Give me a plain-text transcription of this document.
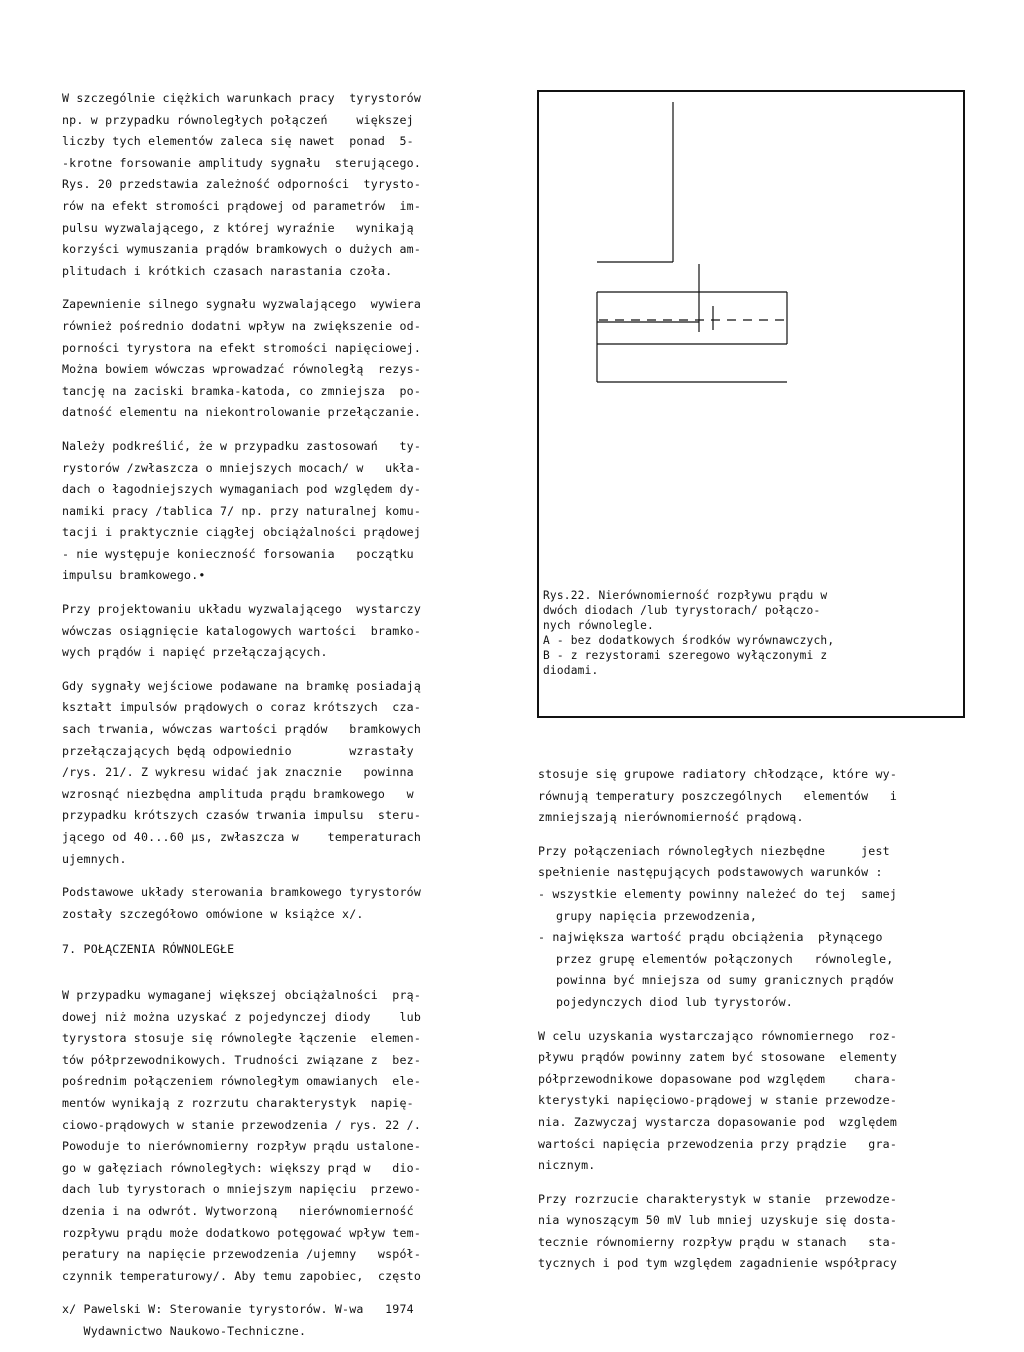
W szczególnie ciężkich warunkach pracy  tyrystorów
np. w przypadku równoległych połączeń    większej
liczby tych elementów zaleca się nawet  ponad  5-
-krotne forsowanie amplitudy sygnału  sterującego.
Rys. 20 przedstawia zależność odporności  tyrysto-
rów na efekt stromości prądowej od parametrów  im-
pulsu wyzwalającego, z której wyraźnie   wynikają
korzyści wymuszania prądów bramkowych o dużych am-
plitudach i krótkich czasach narastania czoła.
Zapewnienie silnego sygnału wyzwalającego  wywiera
również pośrednio dodatni wpływ na zwiększenie od-
porności tyrystora na efekt stromości napięciowej.
Można bowiem wówczas wprowadzać równoległą  rezys-
tancję na zaciski bramka-katoda, co zmniejsza  po-
datność elementu na niekontrolowanie przełączanie.
Należy podkreślić, że w przypadku zastosowań   ty-
rystorów /zwłaszcza o mniejszych mocach/ w   ukła-
dach o łagodniejszych wymaganiach pod względem dy-
namiki pracy /tablica 7/ np. przy naturalnej komu-
tacji i praktycznie ciągłej obciążalności prądowej
- nie występuje konieczność forsowania   początku
impulsu bramkowego.•
Przy projektowaniu układu wyzwalającego  wystarczy
wówczas osiągnięcie katalogowych wartości  bramko-
wych prądów i napięć przełączających.
Gdy sygnały wejściowe podawane na bramkę posiadają
kształt impulsów prądowych o coraz krótszych  cza-
sach trwania, wówczas wartości prądów   bramkowych
przełączających będą odpowiednio        wzrastały
/rys. 21/. Z wykresu widać jak znacznie   powinna
wzrosnąć niezbędna amplituda prądu bramkowego   w
przypadku krótszych czasów trwania impulsu  steru-
jącego od 40...60 μs, zwłaszcza w    temperaturach
ujemnych.
Podstawowe układy sterowania bramkowego tyrystorów
zostały szczegółowo omówione w książce x/.
7. POŁĄCZENIA RÓWNOLEGŁE
W przypadku wymaganej większej obciążalności  prą-
dowej niż można uzyskać z pojedynczej diody    lub
tyrystora stosuje się równoległe łączenie  elemen-
tów półprzewodnikowych. Trudności związane z  bez-
pośrednim połączeniem równoległym omawianych  ele-
mentów wynikają z rozrzutu charakterystyk  napię-
ciowo-prądowych w stanie przewodzenia / rys. 22 /.
Powoduje to nierównomierny rozpływ prądu ustalone-
go w gałęziach równoległych: większy prąd w   dio-
dach lub tyrystorach o mniejszym napięciu  przewo-
dzenia i na odwrót. Wytworzoną   nierównomierność
rozpływu prądu może dodatkowo potęgować wpływ tem-
peratury na napięcie przewodzenia /ujemny   współ-
czynnik temperaturowy/. Aby temu zapobiec,  często
x/ Pawelski W: Sterowanie tyrystorów. W-wa   1974
Wydawnictwo Naukowo-Techniczne.
Rys.22. Nierównomierność rozpływu prądu w
dwóch diodach /lub tyrystorach/ połączo-
nych równolegle.
A - bez dodatkowych środków wyrównawczych,
B - z rezystorami szeregowo wyłączonymi z
diodami.
stosuje się grupowe radiatory chłodzące, które wy-
równują temperatury poszczególnych   elementów   i
zmniejszają nierównomierność prądową.
Przy połączeniach równoległych niezbędne     jest
spełnienie następujących podstawowych warunków :
- wszystkie elementy powinny należeć do tej  samej
grupy napięcia przewodzenia,
- największa wartość prądu obciążenia  płynącego
przez grupę elementów połączonych   równolegle,
powinna być mniejsza od sumy granicznych prądów
pojedynczych diod lub tyrystorów.
W celu uzyskania wystarczająco równomiernego  roz-
pływu prądów powinny zatem być stosowane  elementy
półprzewodnikowe dopasowane pod względem    chara-
kterystyki napięciowo-prądowej w stanie przewodze-
nia. Zazwyczaj wystarcza dopasowanie pod  względem
wartości napięcia przewodzenia przy prądzie   gra-
nicznym.
Przy rozrzucie charakterystyk w stanie  przewodze-
nia wynoszącym 50 mV lub mniej uzyskuje się dosta-
tecznie równomierny rozpływ prądu w stanach   sta-
tycznych i pod tym względem zagadnienie współpracy
